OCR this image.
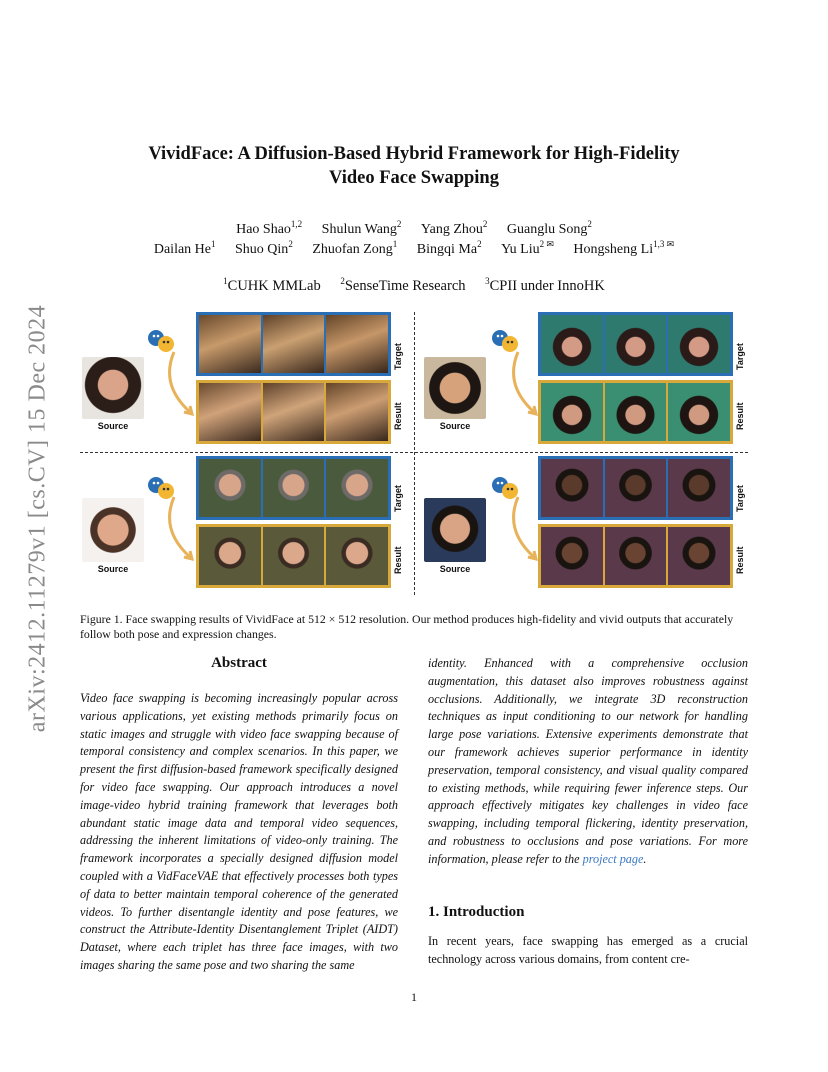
VividFace: A Diffusion-Based Hybrid Framework for High-Fidelity
Video Face Swapping
Hao Shao$^{1,2}$ Shulun Wang$^2$ Yang Zhou$^2$ Guanglu Song$^2$
Dailan He$^1$ Shuo Qin$^2$ Zhuofan Zong$^1$ Bingqi Ma$^2$ Yu Liu$^{2 ✉}$ Hongsheng $Li^{1,3 ✉}$
$^1$CUHK MMLab $^2$SenseTime Research $^3$CPII under InnoHK
arXiv:2412.11279v1 [cs.CV] 15 Dec 2024	Source
Target
Result	Source
Target
Result
Source
Target
Result	Source
Target
Result
Figure 1. Face swapping results of VividFace at 512 × 512 resolution. Our method produces high-fidelity and vivid outputs that accurately follow both pose and expression changes.
Abstract
Video face swapping is becoming increasingly popular across various applications, yet existing methods primarily focus on static images and struggle with video face swapping because of temporal consistency and complex scenarios. In this paper, we present the first diffusion-based framework specifically designed for video face swapping. Our approach introduces a novel image-video hybrid training framework that leverages both abundant static image data and temporal video sequences, addressing the inherent limitations of video-only training. The framework incorporates a specially designed diffusion model coupled with a VidFaceVAE that effectively processes both types of data to better maintain temporal coherence of the generated videos. To further disentangle identity and pose features, we construct the Attribute-Identity Disentanglement Triplet (AIDT) Dataset, where each triplet has three face images, with two images sharing the same pose and two sharing the same
identity. Enhanced with a comprehensive occlusion augmentation, this dataset also improves robustness against occlusions. Additionally, we integrate 3D reconstruction techniques as input conditioning to our network for handling large pose variations. Extensive experiments demonstrate that our framework achieves superior performance in identity preservation, temporal consistency, and visual quality compared to existing methods, while requiring fewer inference steps. Our approach effectively mitigates key challenges in video face swapping, including temporal flickering, identity preservation, and robustness to occlusions and pose variations. For more information, please refer to the project page.
1. Introduction
In recent years, face swapping has emerged as a crucial technology across various domains, from content cre-
1
